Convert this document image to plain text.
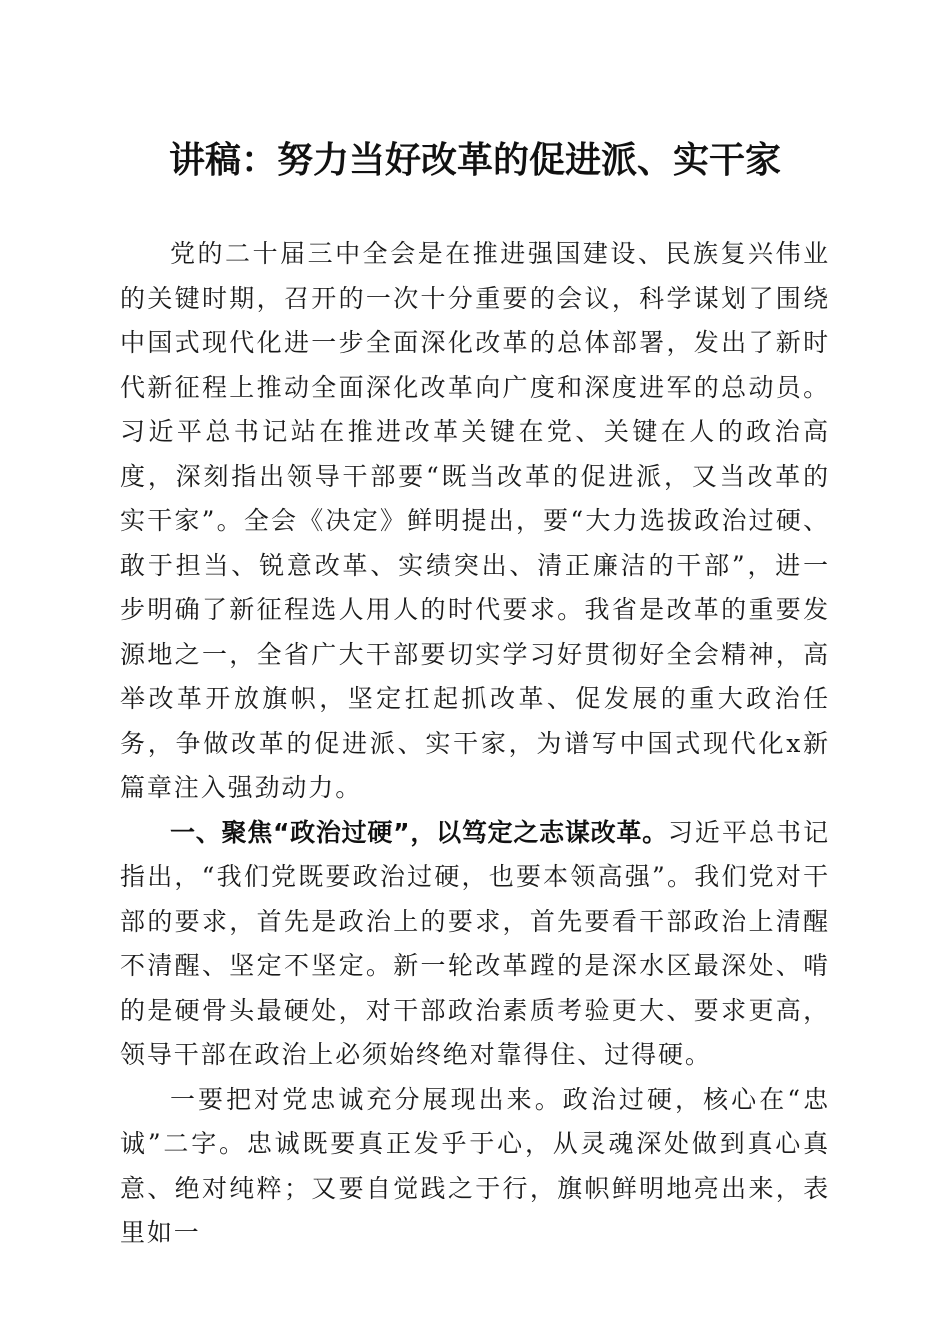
讲稿：努力当好改革的促进派、实干家

党的二十届三中全会是在推进强国建设、民族复兴伟业的关键时期，召开的一次十分重要的会议，科学谋划了围绕中国式现代化进一步全面深化改革的总体部署，发出了新时代新征程上推动全面深化改革向广度和深度进军的总动员。习近平总书记站在推进改革关键在党、关键在人的政治高度，深刻指出领导干部要“既当改革的促进派，又当改革的实干家”。全会《决定》鲜明提出，要“大力选拔政治过硬、敢于担当、锐意改革、实绩突出、清正廉洁的干部”，进一步明确了新征程选人用人的时代要求。我省是改革的重要发源地之一，全省广大干部要切实学习好贯彻好全会精神，高举改革开放旗帜，坚定扛起抓改革、促发展的重大政治任务，争做改革的促进派、实干家，为谱写中国式现代化x新篇章注入强劲动力。

一、聚焦“政治过硬”，以笃定之志谋改革。习近平总书记指出，“我们党既要政治过硬，也要本领高强”。我们党对干部的要求，首先是政治上的要求，首先要看干部政治上清醒不清醒、坚定不坚定。新一轮改革蹚的是深水区最深处、啃的是硬骨头最硬处，对干部政治素质考验更大、要求更高，领导干部在政治上必须始终绝对靠得住、过得硬。

一要把对党忠诚充分展现出来。政治过硬，核心在“忠诚”二字。忠诚既要真正发乎于心，从灵魂深处做到真心真意、绝对纯粹；又要自觉践之于行，旗帜鲜明地亮出来，表里如一
